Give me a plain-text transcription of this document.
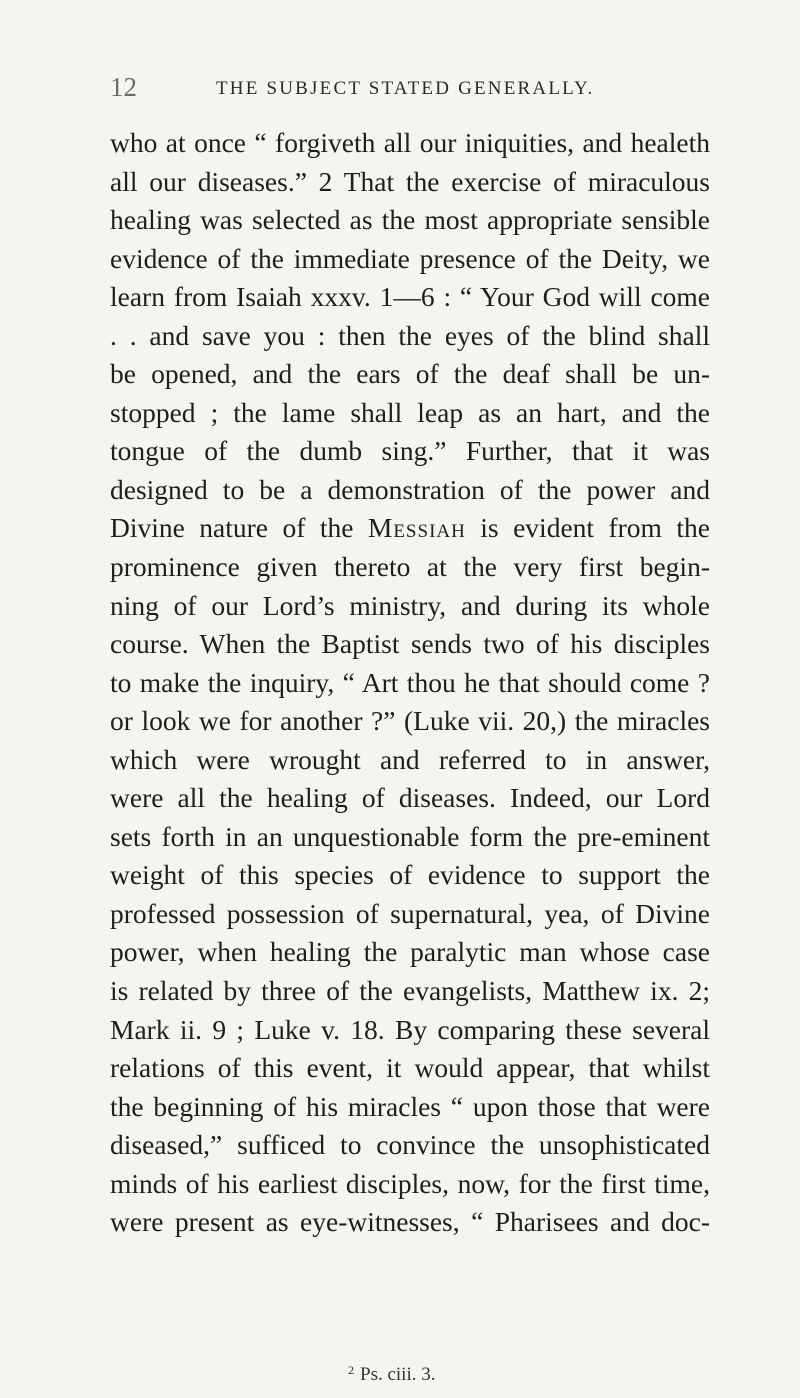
12	THE SUBJECT STATED GENERALLY.
who at once “ forgiveth all our iniquities, and healeth
all our diseases.” 2 That the exercise of miraculous
healing was selected as the most appropriate sensible
evidence of the immediate presence of the Deity, we
learn from Isaiah xxxv. 1—6 : “ Your God will come
. . and save you : then the eyes of the blind shall
be opened, and the ears of the deaf shall be un-
stopped ; the lame shall leap as an hart, and the
tongue of the dumb sing.” Further, that it was
designed to be a demonstration of the power and
Divine nature of the Messiah is evident from the
prominence given thereto at the very first begin-
ning of our Lord’s ministry, and during its whole
course. When the Baptist sends two of his disciples
to make the inquiry, “ Art thou he that should come ?
or look we for another ?” (Luke vii. 20,) the miracles
which were wrought and referred to in answer,
were all the healing of diseases. Indeed, our Lord
sets forth in an unquestionable form the pre-eminent
weight of this species of evidence to support the
professed possession of supernatural, yea, of Divine
power, when healing the paralytic man whose case
is related by three of the evangelists, Matthew ix. 2;
Mark ii. 9 ; Luke v. 18. By comparing these several
relations of this event, it would appear, that whilst
the beginning of his miracles “ upon those that were
diseased,” sufficed to convince the unsophisticated
minds of his earliest disciples, now, for the first time,
were present as eye-witnesses, “ Pharisees and doc-
$^2$ Ps. ciii. 3.
